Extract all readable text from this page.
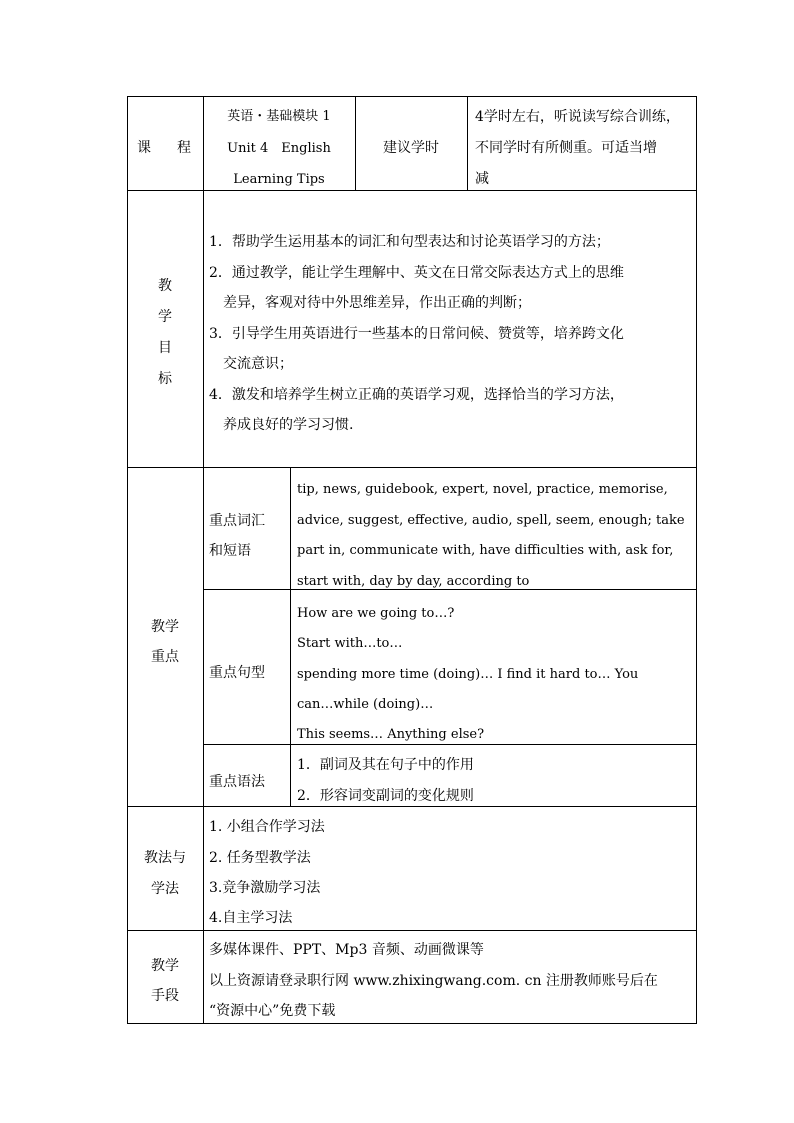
课 程
英语・基础模块 1
Unit 4　English
Learning Tips
建议学时
4学时左右，听说读写综合训练，
不同学时有所侧重。可适当增
减
教
学
目
标
1．帮助学生运用基本的词汇和句型表达和讨论英语学习的方法；
2．通过教学，能让学生理解中、英文在日常交际表达方式上的思维
　差异，客观对待中外思维差异，作出正确的判断；
3．引导学生用英语进行一些基本的日常问候、赞赏等，培养跨文化
　交流意识；
4．激发和培养学生树立正确的英语学习观，选择恰当的学习方法，
　养成良好的学习习惯.
教学
重点
重点词汇
和短语
tip, news, guidebook, expert, novel, practice, memorise,
advice, suggest, effective, audio, spell, seem, enough; take
part in, communicate with, have difficulties with, ask for,
start with, day by day, according to
重点句型
How are we going to…?
Start with…to…
spending more time (doing)… I find it hard to… You
can…while (doing)…
This seems… Anything else?
重点语法
1．副词及其在句子中的作用
2．形容词变副词的变化规则
教法与
学法
1. 小组合作学习法
2. 任务型教学法
3.竞争激励学习法
4.自主学习法
教学
手段
多媒体课件、PPT、Mp3 音频、动画微课等
以上资源请登录职行网 www.zhixingwang.com. cn 注册教师账号后在
“资源中心”免费下载
